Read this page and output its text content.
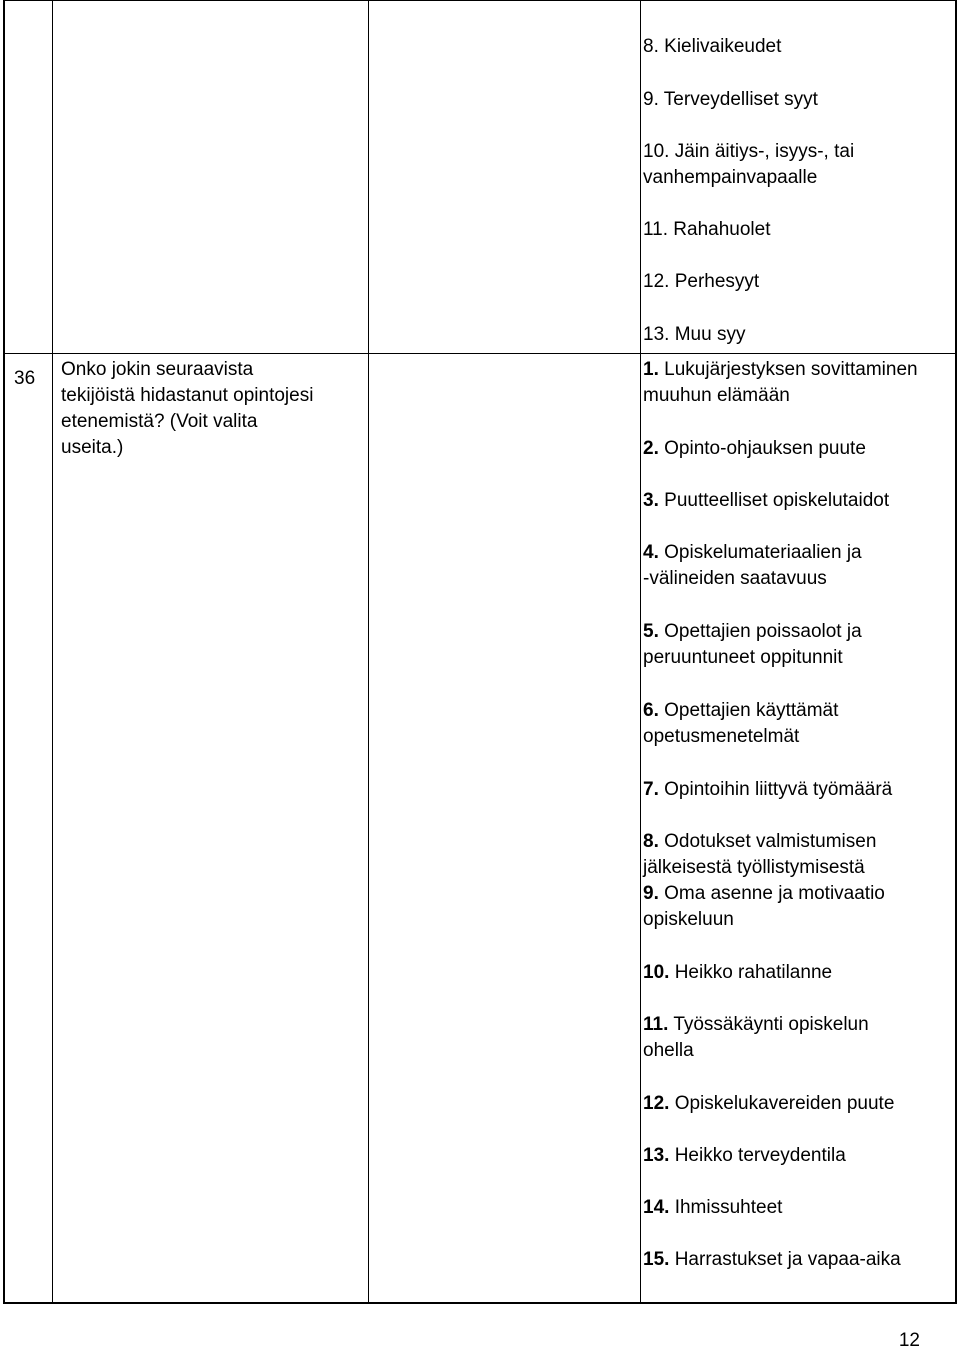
8. Kielivaikeudet
9. Terveydelliset syyt
10. Jäin äitiys-, isyys-, tai
vanhempainvapaalle
11. Rahahuolet
12. Perhesyyt
13. Muu syy
36 Onko jokin seuraavista
tekijöistä hidastanut opintojesi
etenemistä? (Voit valita
useita.)
1. Lukujärjestyksen sovittaminen
muuhun elämään
2. Opinto-ohjauksen puute
3. Puutteelliset opiskelutaidot
4. Opiskelumateriaalien ja
-välineiden saatavuus
5. Opettajien poissaolot ja
peruuntuneet oppitunnit
6. Opettajien käyttämät
opetusmenetelmät
7. Opintoihin liittyvä työmäärä
8. Odotukset valmistumisen
jälkeisestä työllistymisestä
9. Oma asenne ja motivaatio
opiskeluun
10. Heikko rahatilanne
11. Työssäkäynti opiskelun
ohella
12. Opiskelukavereiden puute
13. Heikko terveydentila
14. Ihmissuhteet
15. Harrastukset ja vapaa-aika
12
